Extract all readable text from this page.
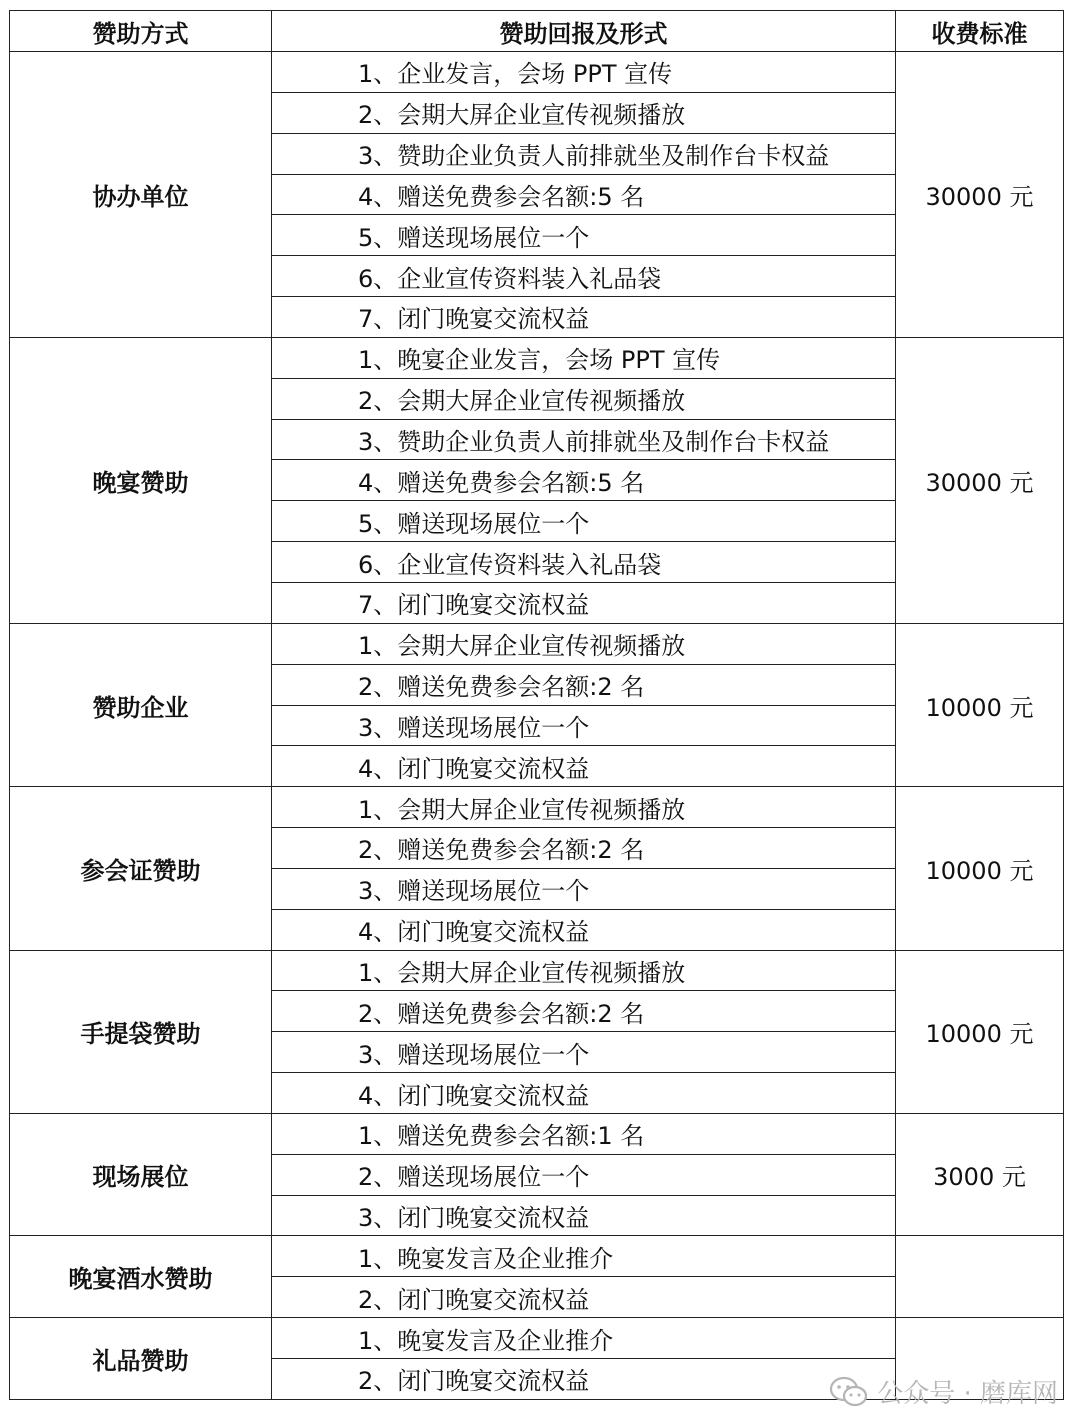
赞助方式	赞助回报及形式	收费标准
协办单位	1、企业发言，会场 PPT 宣传	30000 元
	2、会期大屏企业宣传视频播放	
	3、赞助企业负责人前排就坐及制作台卡权益	
	4、赠送免费参会名额:5 名	
	5、赠送现场展位一个	
	6、企业宣传资料装入礼品袋	
	7、闭门晚宴交流权益	
晚宴赞助	1、晚宴企业发言，会场 PPT 宣传	30000 元
	2、会期大屏企业宣传视频播放	
	3、赞助企业负责人前排就坐及制作台卡权益	
	4、赠送免费参会名额:5 名	
	5、赠送现场展位一个	
	6、企业宣传资料装入礼品袋	
	7、闭门晚宴交流权益	
赞助企业	1、会期大屏企业宣传视频播放	10000 元
	2、赠送免费参会名额:2 名	
	3、赠送现场展位一个	
	4、闭门晚宴交流权益	
参会证赞助	1、会期大屏企业宣传视频播放	10000 元
	2、赠送免费参会名额:2 名	
	3、赠送现场展位一个	
	4、闭门晚宴交流权益	
手提袋赞助	1、会期大屏企业宣传视频播放	10000 元
	2、赠送免费参会名额:2 名	
	3、赠送现场展位一个	
	4、闭门晚宴交流权益	
现场展位	1、赠送免费参会名额:1 名	3000 元
	2、赠送现场展位一个	
	3、闭门晚宴交流权益	
晚宴酒水赞助	1、晚宴发言及企业推介	
	2、闭门晚宴交流权益	
礼品赞助	1、晚宴发言及企业推介	
	2、闭门晚宴交流权益		公众号 · 磨库网
